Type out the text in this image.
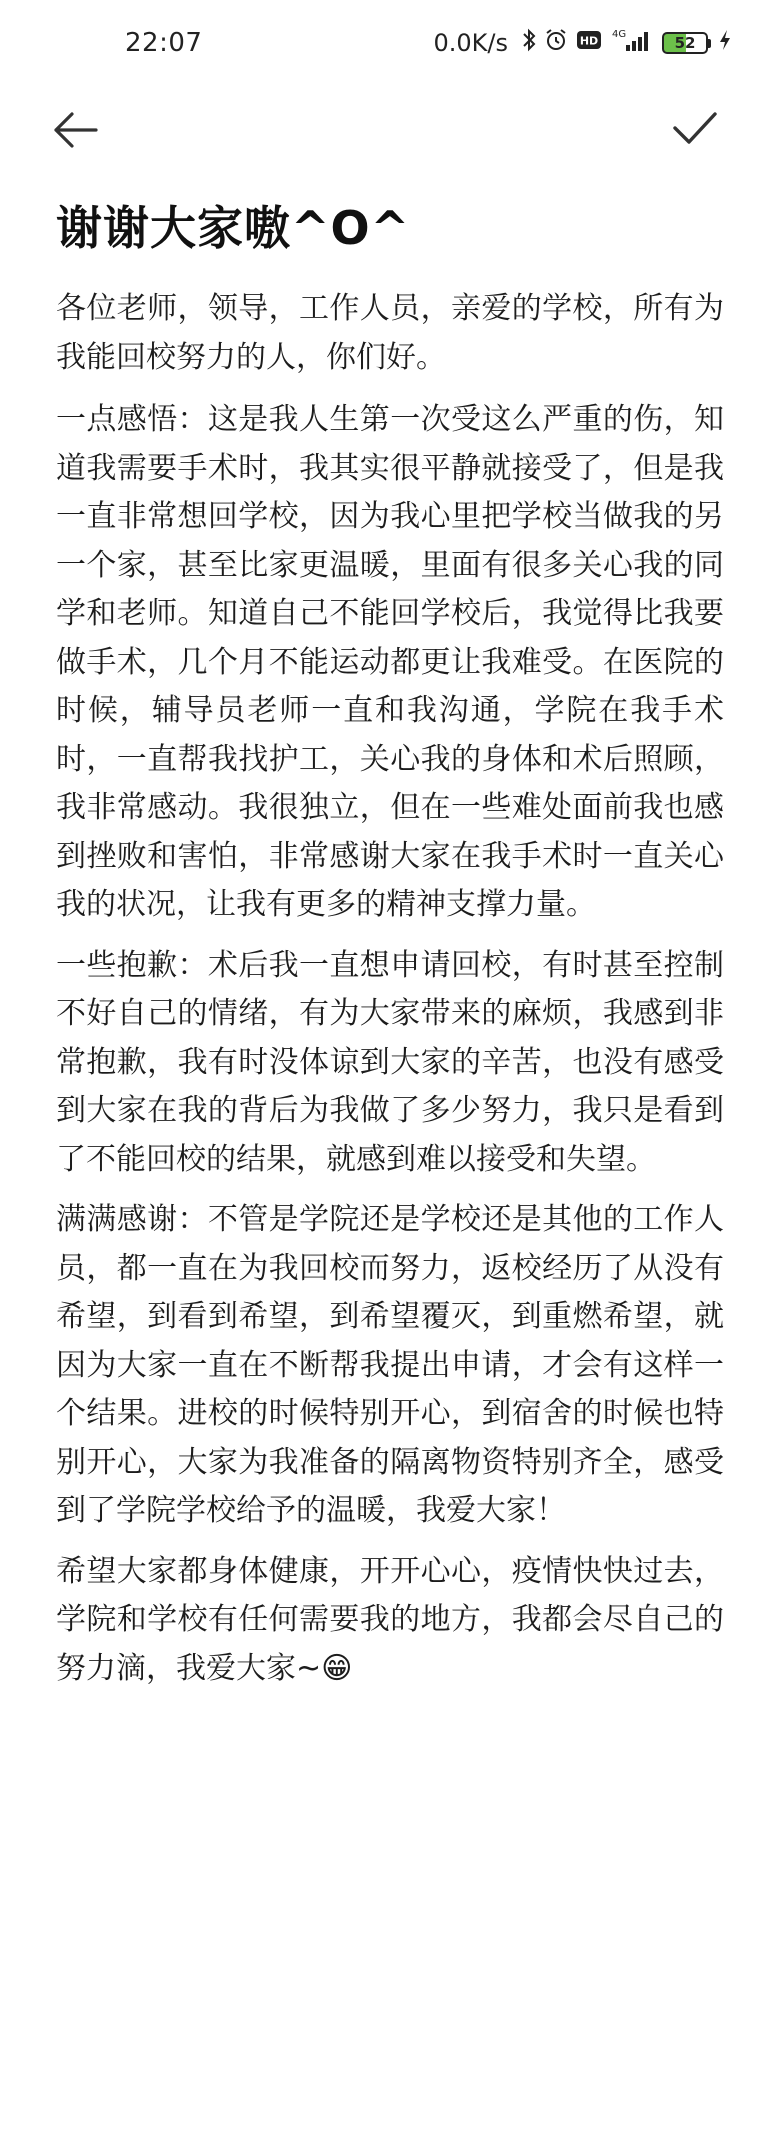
22:07	0.0K/s	HD 4G	52
谢谢大家嗷^O^

各位老师，领导，工作人员，亲爱的学校，所有为我能回校努力的人，你们好。

一点感悟：这是我人生第一次受这么严重的伤，知道我需要手术时，我其实很平静就接受了，但是我一直非常想回学校，因为我心里把学校当做我的另一个家，甚至比家更温暖，里面有很多关心我的同学和老师。知道自己不能回学校后，我觉得比我要做手术，几个月不能运动都更让我难受。在医院的时候，辅导员老师一直和我沟通，学院在我手术时，一直帮我找护工，关心我的身体和术后照顾，我非常感动。我很独立，但在一些难处面前我也感到挫败和害怕，非常感谢大家在我手术时一直关心我的状况，让我有更多的精神支撑力量。

一些抱歉：术后我一直想申请回校，有时甚至控制不好自己的情绪，有为大家带来的麻烦，我感到非常抱歉，我有时没体谅到大家的辛苦，也没有感受到大家在我的背后为我做了多少努力，我只是看到了不能回校的结果，就感到难以接受和失望。

满满感谢：不管是学院还是学校还是其他的工作人员，都一直在为我回校而努力，返校经历了从没有希望，到看到希望，到希望覆灭，到重燃希望，就因为大家一直在不断帮我提出申请，才会有这样一个结果。进校的时候特别开心，到宿舍的时候也特别开心，大家为我准备的隔离物资特别齐全，感受到了学院学校给予的温暖，我爱大家！

希望大家都身体健康，开开心心，疫情快快过去，学院和学校有任何需要我的地方，我都会尽自己的努力滴，我爱大家~😁
